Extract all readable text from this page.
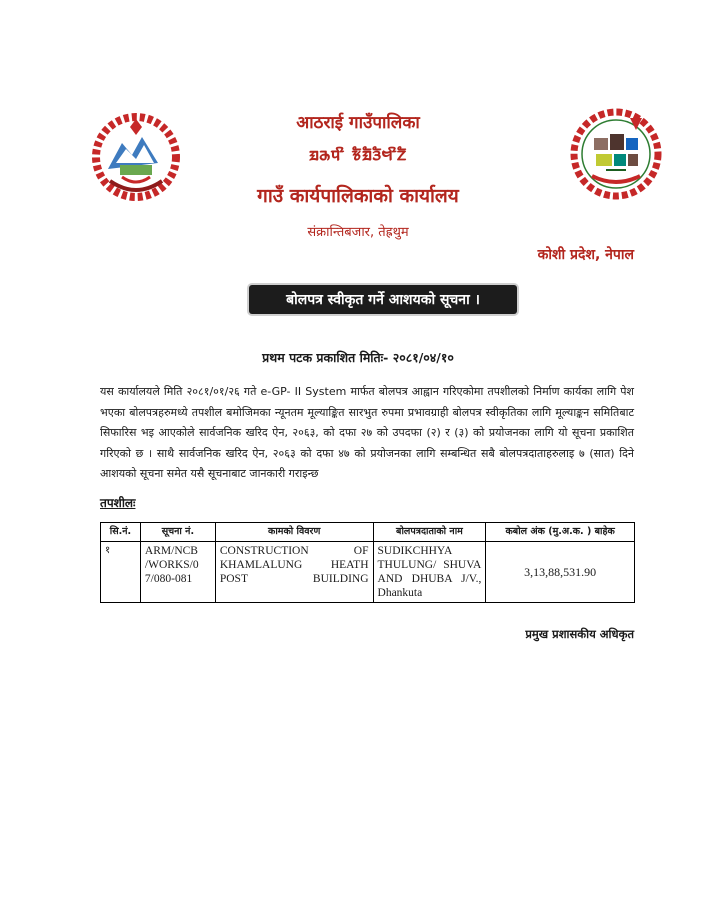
आठराई गाउँपालिका
ᤀᤌᤄᤡ ᤃᤠᤀᤠᤋᤠᤗᤡᤁᤠ
गाउँ कार्यपालिकाको कार्यालय
संक्रान्तिबजार, तेह्रथुम
कोशी प्रदेश, नेपाल
बोलपत्र स्वीकृत गर्ने आशयको सूचना ।
प्रथम पटक प्रकाशित मितिः- २०८१/०४/१०
यस कार्यालयले मिति २०८१/०१/२६ गते e-GP- II System मार्फत बोलपत्र आह्वान गरिएकोमा तपशीलको निर्माण कार्यका लागि पेश भएका बोलपत्रहरुमध्ये तपशील बमोजिमका न्यूनतम मूल्याङ्कित सारभुत रुपमा प्रभावग्राही बोलपत्र स्वीकृतिका लागि मूल्याङ्कन समितिबाट सिफारिस भइ आएकोले सार्वजनिक खरिद ऐन, २०६३, को दफा २७ को उपदफा (२) र (३) को प्रयोजनका लागि यो सूचना प्रकाशित गरिएको छ । साथै सार्वजनिक खरिद ऐन, २०६३ को दफा ४७ को प्रयोजनका लागि सम्बन्धित सबै बोलपत्रदाताहरुलाइ ७ (सात) दिने आशयको सूचना समेत यसै सूचनाबाट जानकारी गराइन्छ
तपशीलः
सि.नं.	सूचना नं.	कामको विवरण	बोलपत्रदाताको नाम	कबोल अंक (मु.अ.क. ) बाहेक
१	ARM/NCB /WORKS/0 7/080-081	CONSTRUCTION OF KHAMLALUNG HEATH POST BUILDING	SUDIKCHHYA THULUNG/ SHUVA AND DHUBA J/V., Dhankuta	3,13,88,531.90
प्रमुख प्रशासकीय अधिकृत
